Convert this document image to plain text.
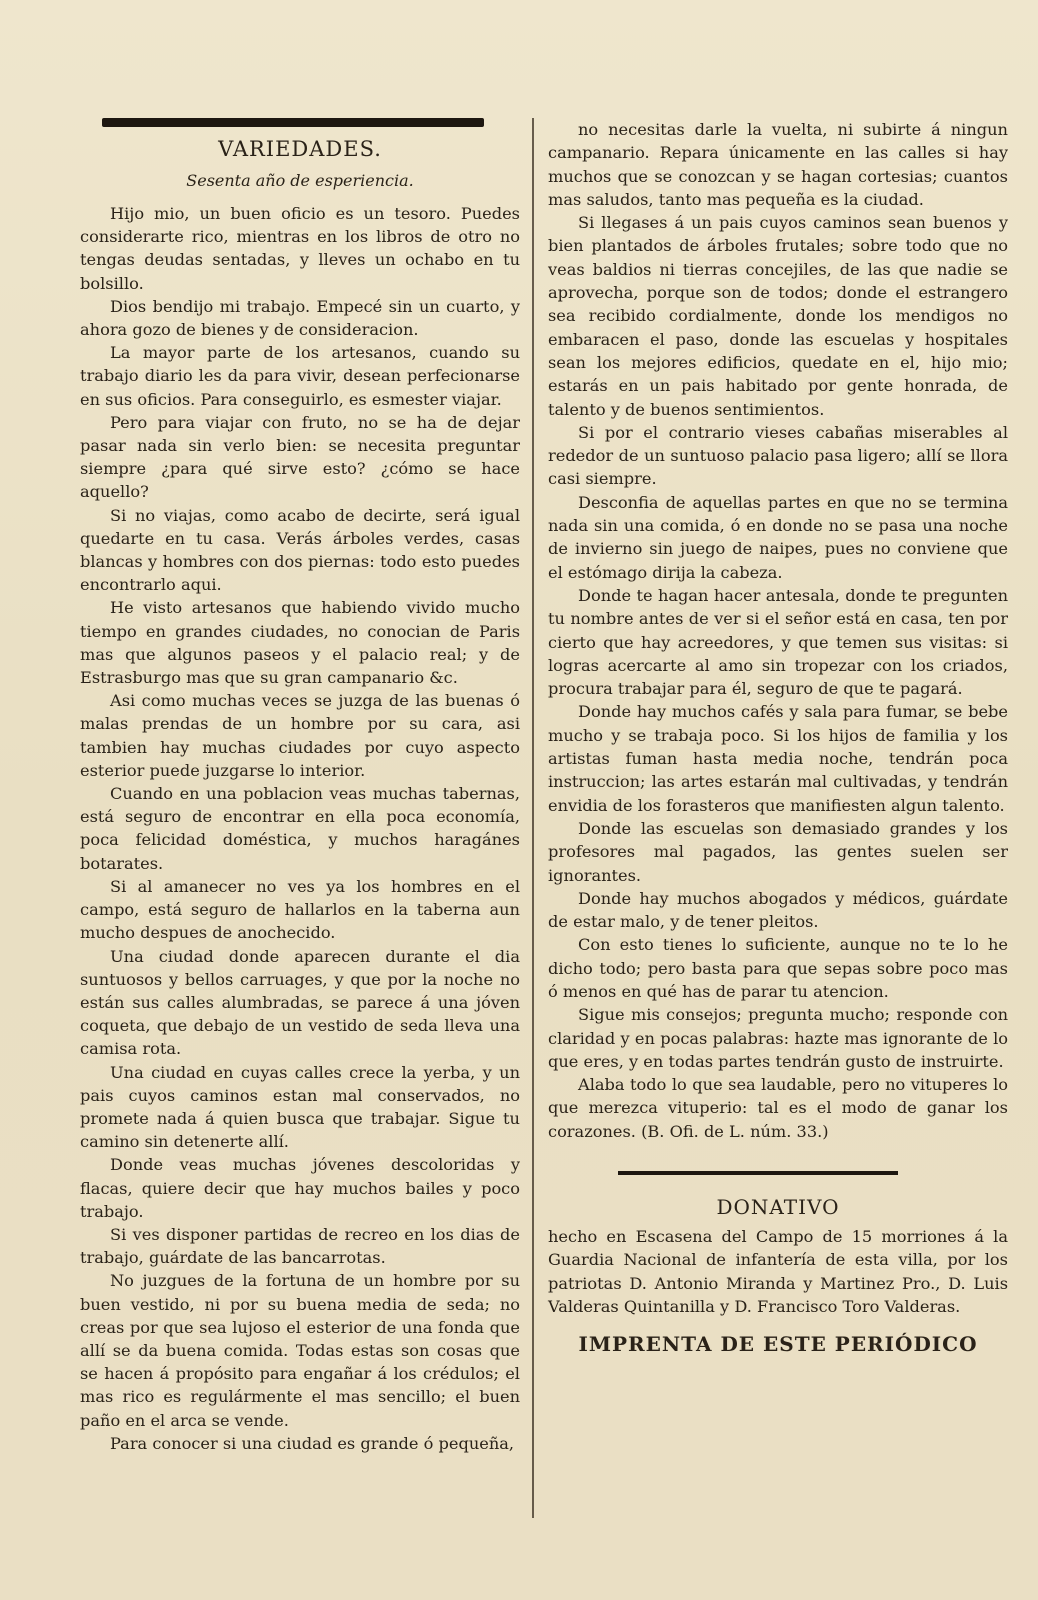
VARIEDADES.
Sesenta año de esperiencia.

Hijo mio, un buen oficio es un tesoro. Puedes considerarte rico, mientras en los libros de otro no tengas deudas sentadas, y lleves un ochabo en tu bolsillo.

Dios bendijo mi trabajo. Empecé sin un cuarto, y ahora gozo de bienes y de consideracion.

La mayor parte de los artesanos, cuando su trabajo diario les da para vivir, desean perfecionarse en sus oficios. Para conseguirlo, es esmester viajar.

Pero para viajar con fruto, no se ha de dejar pasar nada sin verlo bien: se necesita preguntar siempre ¿para qué sirve esto? ¿cómo se hace aquello?

Si no viajas, como acabo de decirte, será igual quedarte en tu casa. Verás árboles verdes, casas blancas y hombres con dos piernas: todo esto puedes encontrarlo aqui.

He visto artesanos que habiendo vivido mucho tiempo en grandes ciudades, no conocian de Paris mas que algunos paseos y el palacio real; y de Estrasburgo mas que su gran campanario &c.

Asi como muchas veces se juzga de las buenas ó malas prendas de un hombre por su cara, asi tambien hay muchas ciudades por cuyo aspecto esterior puede juzgarse lo interior.

Cuando en una poblacion veas muchas tabernas, está seguro de encontrar en ella poca economía, poca felicidad doméstica, y muchos haragánes botarates.

Si al amanecer no ves ya los hombres en el campo, está seguro de hallarlos en la taberna aun mucho despues de anochecido.

Una ciudad donde aparecen durante el dia suntuosos y bellos carruages, y que por la noche no están sus calles alumbradas, se parece á una jóven coqueta, que debajo de un vestido de seda lleva una camisa rota.

Una ciudad en cuyas calles crece la yerba, y un pais cuyos caminos estan mal conservados, no promete nada á quien busca que trabajar. Sigue tu camino sin detenerte allí.

Donde veas muchas jóvenes descoloridas y flacas, quiere decir que hay muchos bailes y poco trabajo.

Si ves disponer partidas de recreo en los dias de trabajo, guárdate de las bancarrotas.

No juzgues de la fortuna de un hombre por su buen vestido, ni por su buena media de seda; no creas por que sea lujoso el esterior de una fonda que allí se da buena comida. Todas estas son cosas que se hacen á propósito para engañar á los crédulos; el mas rico es regulármente el mas sencillo; el buen paño en el arca se vende.

Para conocer si una ciudad es grande ó pequeña,

no necesitas darle la vuelta, ni subirte á ningun campanario. Repara únicamente en las calles si hay muchos que se conozcan y se hagan cortesias; cuantos mas saludos, tanto mas pequeña es la ciudad.

Si llegases á un pais cuyos caminos sean buenos y bien plantados de árboles frutales; sobre todo que no veas baldios ni tierras concejiles, de las que nadie se aprovecha, porque son de todos; donde el estrangero sea recibido cordialmente, donde los mendigos no embaracen el paso, donde las escuelas y hospitales sean los mejores edificios, quedate en el, hijo mio; estarás en un pais habitado por gente honrada, de talento y de buenos sentimientos.

Si por el contrario vieses cabañas miserables al rededor de un suntuoso palacio pasa ligero; allí se llora casi siempre.

Desconfia de aquellas partes en que no se termina nada sin una comida, ó en donde no se pasa una noche de invierno sin juego de naipes, pues no conviene que el estómago dirija la cabeza.

Donde te hagan hacer antesala, donde te pregunten tu nombre antes de ver si el señor está en casa, ten por cierto que hay acreedores, y que temen sus visitas: si logras acercarte al amo sin tropezar con los criados, procura trabajar para él, seguro de que te pagará.

Donde hay muchos cafés y sala para fumar, se bebe mucho y se trabaja poco. Si los hijos de familia y los artistas fuman hasta media noche, tendrán poca instruccion; las artes estarán mal cultivadas, y tendrán envidia de los forasteros que manifiesten algun talento.

Donde las escuelas son demasiado grandes y los profesores mal pagados, las gentes suelen ser ignorantes.

Donde hay muchos abogados y médicos, guárdate de estar malo, y de tener pleitos.

Con esto tienes lo suficiente, aunque no te lo he dicho todo; pero basta para que sepas sobre poco mas ó menos en qué has de parar tu atencion.

Sigue mis consejos; pregunta mucho; responde con claridad y en pocas palabras: hazte mas ignorante de lo que eres, y en todas partes tendrán gusto de instruirte.

Alaba todo lo que sea laudable, pero no vituperes lo que merezca vituperio: tal es el modo de ganar los corazones. (B. Ofi. de L. núm. 33.)

DONATIVO

hecho en Escasena del Campo de 15 morriones á la Guardia Nacional de infantería de esta villa, por los patriotas D. Antonio Miranda y Martinez Pro., D. Luis Valderas Quintanilla y D. Francisco Toro Valderas.

IMPRENTA DE ESTE PERIÓDICO
